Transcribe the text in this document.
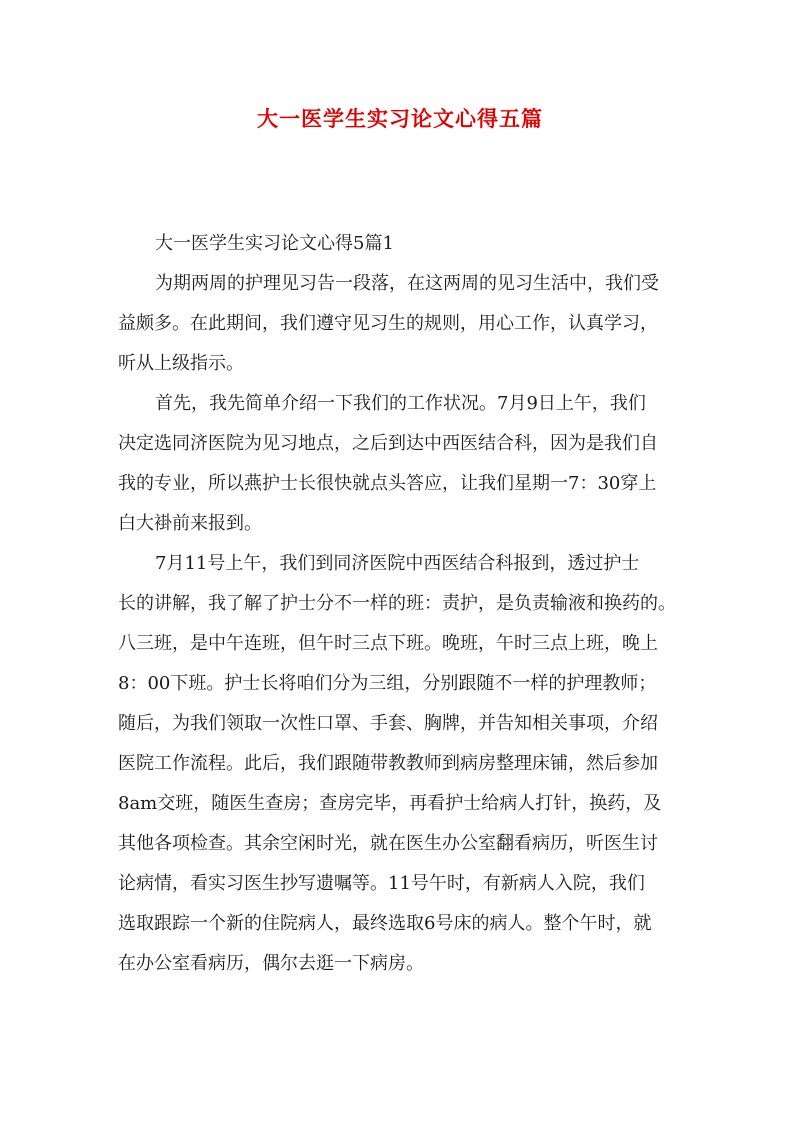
大一医学生实习论文心得五篇
大一医学生实习论文心得5篇1

为期两周的护理见习告一段落，在这两周的见习生活中，我们受
益颇多。在此期间，我们遵守见习生的规则，用心工作，认真学习，
听从上级指示。

首先，我先简单介绍一下我们的工作状况。7月9日上午，我们
决定选同济医院为见习地点，之后到达中西医结合科，因为是我们自
我的专业，所以燕护士长很快就点头答应，让我们星期一7：30穿上
白大褂前来报到。

7月11号上午，我们到同济医院中西医结合科报到，透过护士
长的讲解，我了解了护士分不一样的班：责护，是负责输液和换药的。
八三班，是中午连班，但午时三点下班。晚班，午时三点上班，晚上
8：00下班。护士长将咱们分为三组，分别跟随不一样的护理教师；
随后，为我们领取一次性口罩、手套、胸牌，并告知相关事项，介绍
医院工作流程。此后，我们跟随带教教师到病房整理床铺，然后参加
8am交班，随医生查房；查房完毕，再看护士给病人打针，换药，及
其他各项检查。其余空闲时光，就在医生办公室翻看病历，听医生讨
论病情，看实习医生抄写遗嘱等。11号午时，有新病人入院，我们
选取跟踪一个新的住院病人，最终选取6号床的病人。整个午时，就
在办公室看病历，偶尔去逛一下病房。
